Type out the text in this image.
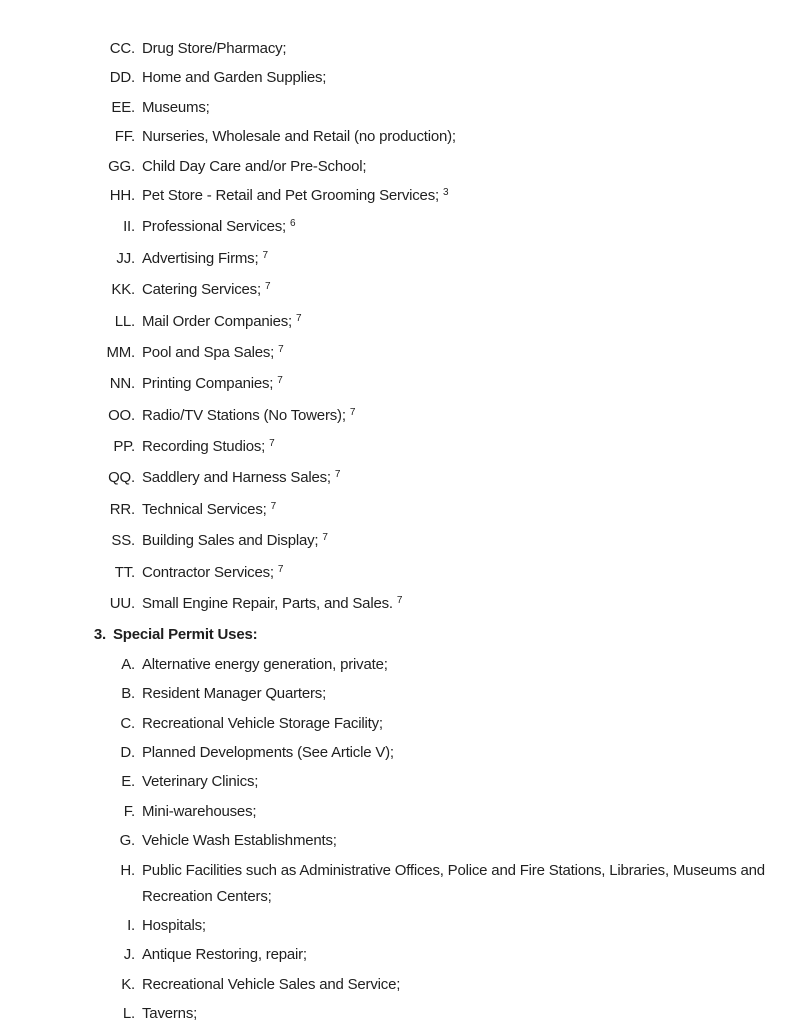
CC. Drug Store/Pharmacy;
DD. Home and Garden Supplies;
EE. Museums;
FF. Nurseries, Wholesale and Retail (no production);
GG. Child Day Care and/or Pre-School;
HH. Pet Store - Retail and Pet Grooming Services; $^3$
II. Professional Services; $^6$
JJ. Advertising Firms; $^7$
KK. Catering Services; $^7$
LL. Mail Order Companies; $^7$
MM. Pool and Spa Sales; $^7$
NN. Printing Companies; $^7$
OO. Radio/TV Stations (No Towers); $^7$
PP. Recording Studios; $^7$
QQ. Saddlery and Harness Sales; $^7$
RR. Technical Services; $^7$
SS. Building Sales and Display; $^7$
TT. Contractor Services; $^7$
UU. Small Engine Repair, Parts, and Sales. $^7$
3. Special Permit Uses:
A. Alternative energy generation, private;
B. Resident Manager Quarters;
C. Recreational Vehicle Storage Facility;
D. Planned Developments (See Article V);
E. Veterinary Clinics;
F. Mini-warehouses;
G. Vehicle Wash Establishments;
H. Public Facilities such as Administrative Offices, Police and Fire Stations, Libraries, Museums and Recreation Centers;
I. Hospitals;
J. Antique Restoring, repair;
K. Recreational Vehicle Sales and Service;
L. Taverns;
